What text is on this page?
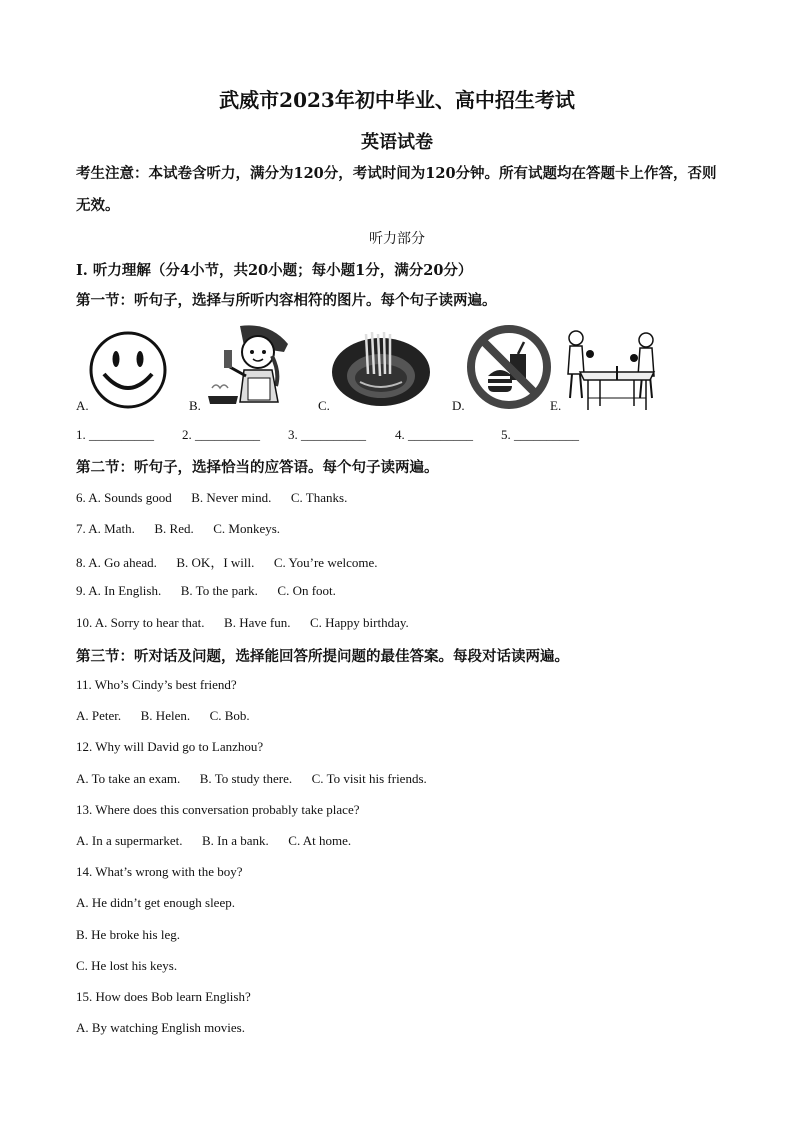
武威市2023年初中毕业、高中招生考试
英语试卷
考生注意：本试卷含听力，满分为120分，考试时间为120分钟。所有试题均在答题卡上作答，否则无效。
听力部分
Ⅰ. 听力理解（分4小节，共20小题；每小题1分，满分20分）
第一节：听句子，选择与所听内容相符的图片。每个句子读两遍。
A.	B.	C.	D.	E.
1. __________ 2. __________ 3. __________ 4. __________ 5. __________
第二节：听句子，选择恰当的应答语。每个句子读两遍。
6. A. Sounds good      B. Never mind.      C. Thanks.
7. A. Math.      B. Red.      C. Monkeys.
8. A. Go ahead.      B. OK，I will.      C. You’re welcome.
9. A. In English.      B. To the park.      C. On foot.
10. A. Sorry to hear that.      B. Have fun.      C. Happy birthday.
第三节：听对话及问题，选择能回答所提问题的最佳答案。每段对话读两遍。
11. Who’s Cindy’s best friend?
A. Peter.      B. Helen.      C. Bob.
12. Why will David go to Lanzhou?
A. To take an exam.      B. To study there.      C. To visit his friends.
13. Where does this conversation probably take place?
A. In a supermarket.      B. In a bank.      C. At home.
14. What’s wrong with the boy?
A. He didn’t get enough sleep.
B. He broke his leg.
C. He lost his keys.
15. How does Bob learn English?
A. By watching English movies.
